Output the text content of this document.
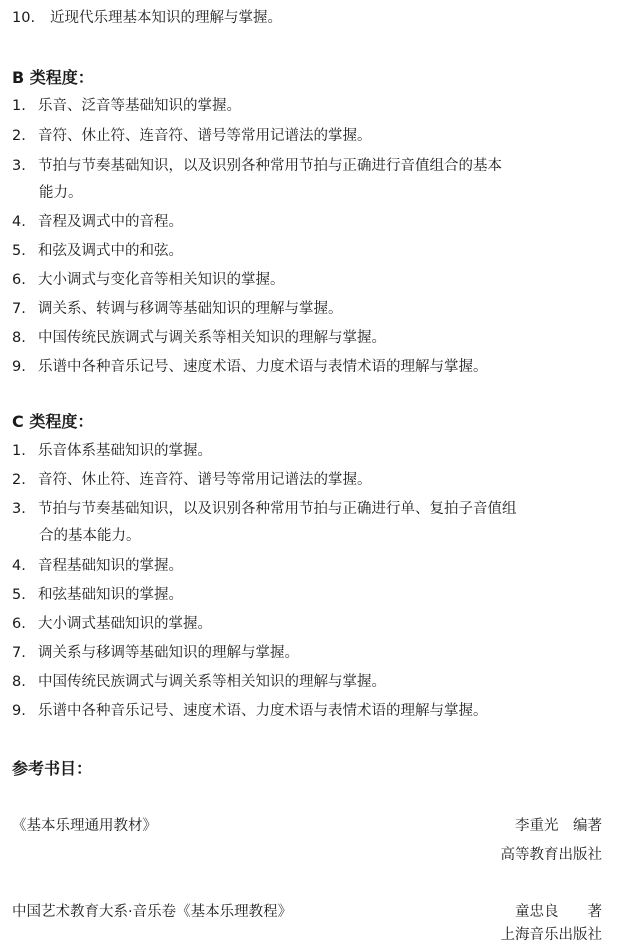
10. 近现代乐理基本知识的理解与掌握。
B 类程度：
1. 乐音、泛音等基础知识的掌握。
2. 音符、休止符、连音符、谱号等常用记谱法的掌握。
3. 节拍与节奏基础知识，以及识别各种常用节拍与正确进行音值组合的基本
能力。
4. 音程及调式中的音程。
5. 和弦及调式中的和弦。
6. 大小调式与变化音等相关知识的掌握。
7. 调关系、转调与移调等基础知识的理解与掌握。
8. 中国传统民族调式与调关系等相关知识的理解与掌握。
9. 乐谱中各种音乐记号、速度术语、力度术语与表情术语的理解与掌握。
C 类程度：
1. 乐音体系基础知识的掌握。
2. 音符、休止符、连音符、谱号等常用记谱法的掌握。
3. 节拍与节奏基础知识，以及识别各种常用节拍与正确进行单、复拍子音值组
合的基本能力。
4. 音程基础知识的掌握。
5. 和弦基础知识的掌握。
6. 大小调式基础知识的掌握。
7. 调关系与移调等基础知识的理解与掌握。
8. 中国传统民族调式与调关系等相关知识的理解与掌握。
9. 乐谱中各种音乐记号、速度术语、力度术语与表情术语的理解与掌握。
参考书目：
《基本乐理通用教材》	李重光　编著
高等教育出版社
中国艺术教育大系·音乐卷《基本乐理教程》	童忠良　　著
上海音乐出版社
